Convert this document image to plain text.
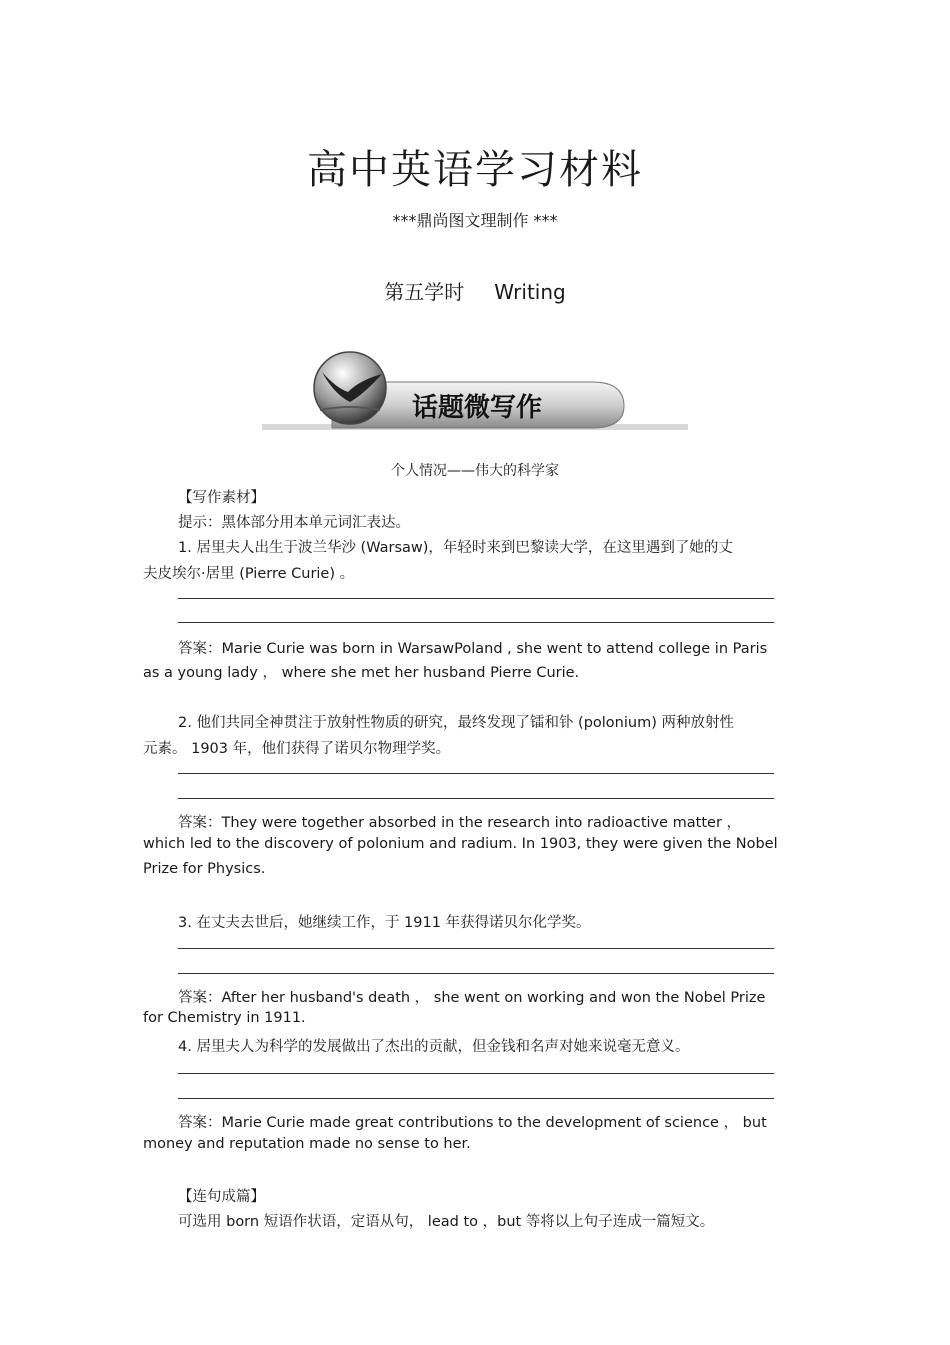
高中英语学习材料
***鼎尚图文理制作 ***
第五学时 Writing
话题微写作
个人情况——伟大的科学家
【写作素材】
提示：黑体部分用本单元词汇表达。
1. 居里夫人出生于波兰华沙 (Warsaw)，年轻时来到巴黎读大学，在这里遇到了她的丈
夫皮埃尔·居里 (Pierre Curie) 。
答案：Marie Curie was born in WarsawPoland , she went to attend college in Paris
as a young lady ， where she met her husband Pierre Curie.
2. 他们共同全神贯注于放射性物质的研究，最终发现了镭和钋 (polonium) 两种放射性
元素。 1903 年，他们获得了诺贝尔物理学奖。
答案：They were together absorbed in the research into radioactive matter ，
which led to the discovery of polonium and radium. In 1903, they were given the Nobel
Prize for Physics.
3. 在丈夫去世后，她继续工作，于 1911 年获得诺贝尔化学奖。
答案：After her husband's death ， she went on working and won the Nobel Prize
for Chemistry in 1911.
4. 居里夫人为科学的发展做出了杰出的贡献，但金钱和名声对她来说毫无意义。
答案：Marie Curie made great contributions to the development of science ， but
money and reputation made no sense to her.
【连句成篇】
可选用 born 短语作状语，定语从句， lead to ，but 等将以上句子连成一篇短文。
